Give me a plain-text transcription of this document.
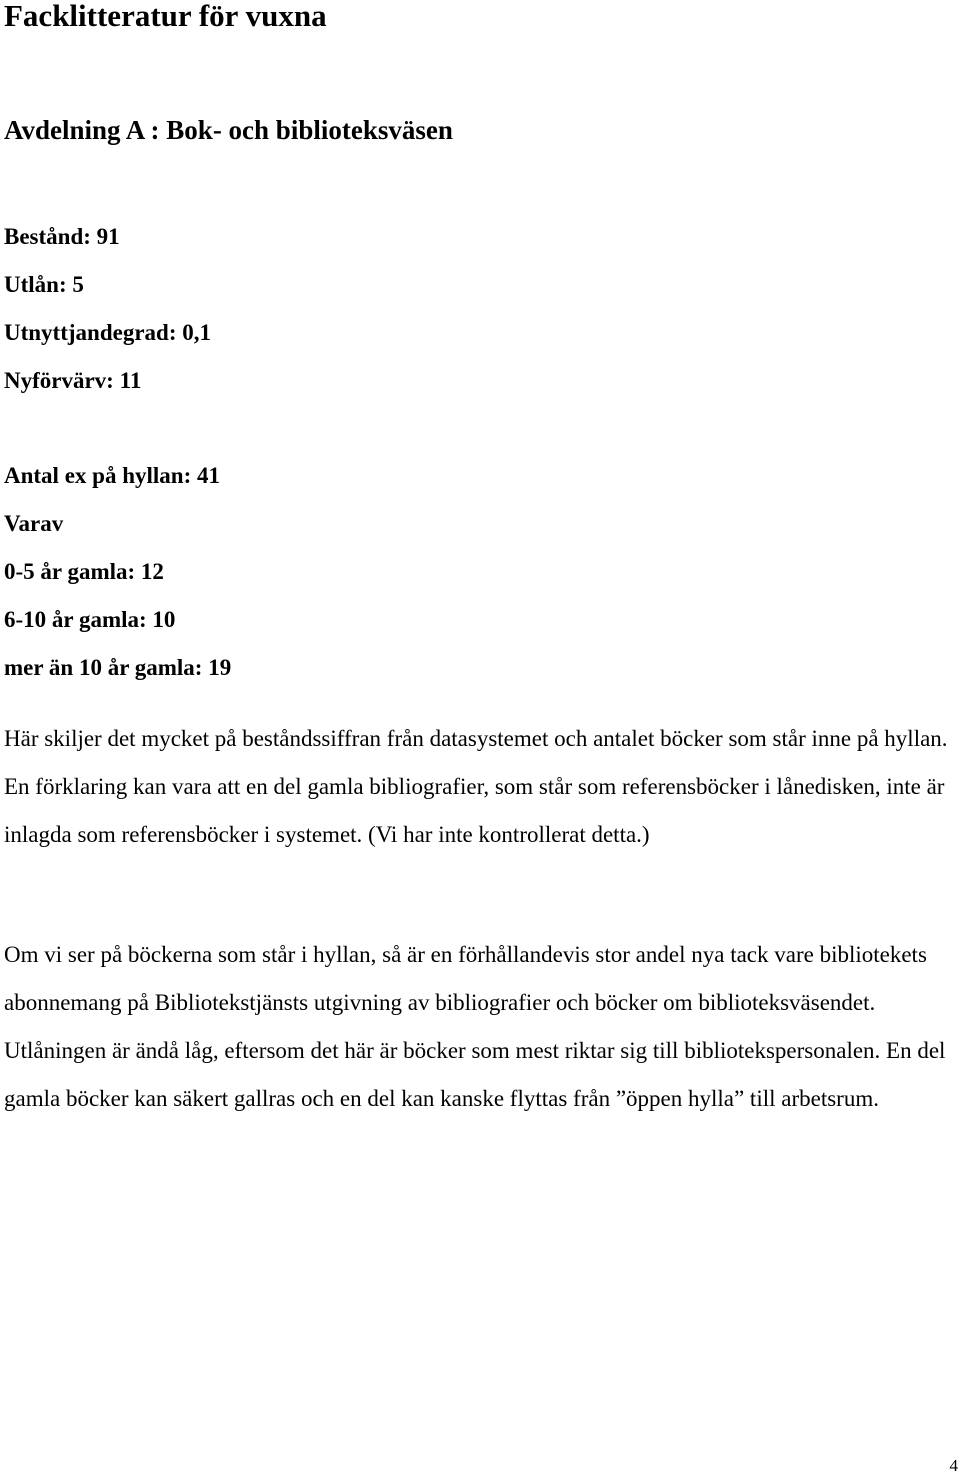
Facklitteratur för vuxna
Avdelning A : Bok- och biblioteksväsen
Bestånd: 91
Utlån: 5
Utnyttjandegrad: 0,1
Nyförvärv: 11
Antal ex på hyllan: 41
Varav
0-5 år gamla: 12
6-10 år gamla: 10
mer än 10 år gamla: 19

Här skiljer det mycket på beståndssiffran från datasystemet och antalet böcker som står inne på hyllan. En förklaring kan vara att en del gamla bibliografier, som står som referensböcker i lånedisken, inte är inlagda som referensböcker i systemet. (Vi har inte kontrollerat detta.)

Om vi ser på böckerna som står i hyllan, så är en förhållandevis stor andel nya tack vare bibliotekets abonnemang på Bibliotekstjänsts utgivning av bibliografier och böcker om biblioteksväsendet. Utlåningen är ändå låg, eftersom det här är böcker som mest riktar sig till bibliotekspersonalen. En del gamla böcker kan säkert gallras och en del kan kanske flyttas från ”öppen hylla” till arbetsrum.

4
